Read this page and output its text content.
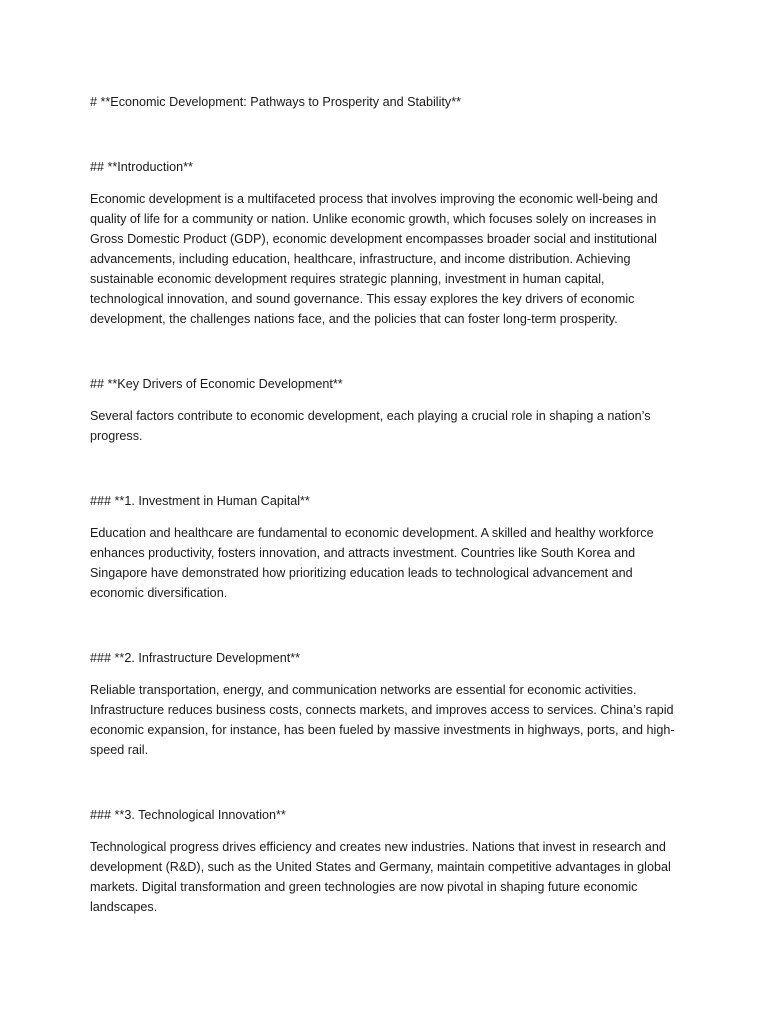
# **Economic Development: Pathways to Prosperity and Stability**
## **Introduction**
Economic development is a multifaceted process that involves improving the economic well-being and quality of life for a community or nation. Unlike economic growth, which focuses solely on increases in Gross Domestic Product (GDP), economic development encompasses broader social and institutional advancements, including education, healthcare, infrastructure, and income distribution. Achieving sustainable economic development requires strategic planning, investment in human capital, technological innovation, and sound governance. This essay explores the key drivers of economic development, the challenges nations face, and the policies that can foster long-term prosperity.
## **Key Drivers of Economic Development**
Several factors contribute to economic development, each playing a crucial role in shaping a nation’s progress.
### **1. Investment in Human Capital**
Education and healthcare are fundamental to economic development. A skilled and healthy workforce enhances productivity, fosters innovation, and attracts investment. Countries like South Korea and Singapore have demonstrated how prioritizing education leads to technological advancement and economic diversification.
### **2. Infrastructure Development**
Reliable transportation, energy, and communication networks are essential for economic activities. Infrastructure reduces business costs, connects markets, and improves access to services. China’s rapid economic expansion, for instance, has been fueled by massive investments in highways, ports, and high-speed rail.
### **3. Technological Innovation**
Technological progress drives efficiency and creates new industries. Nations that invest in research and development (R&D), such as the United States and Germany, maintain competitive advantages in global markets. Digital transformation and green technologies are now pivotal in shaping future economic landscapes.
